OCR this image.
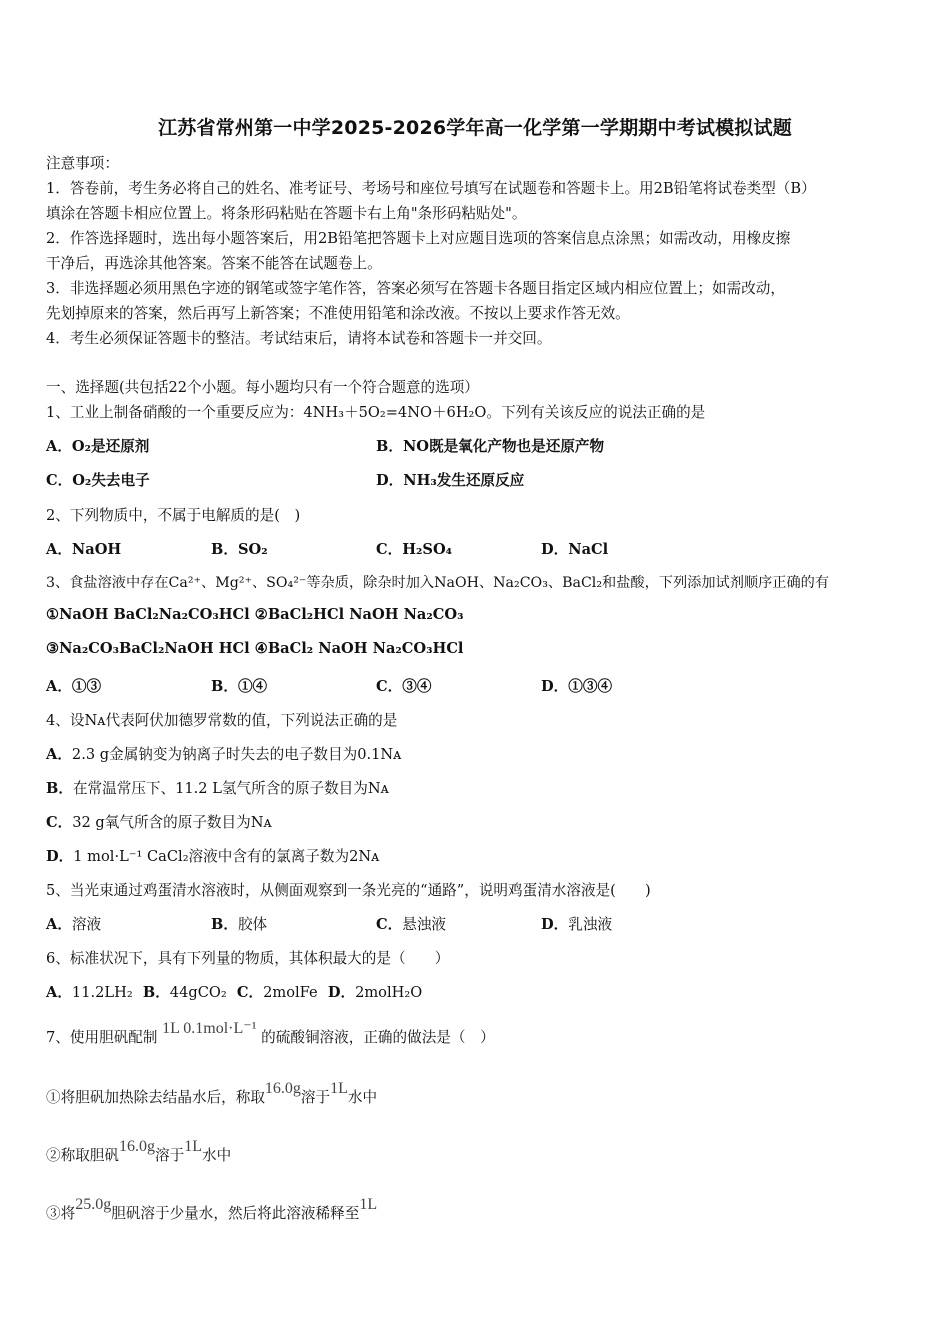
江苏省常州第一中学2025-2026学年高一化学第一学期期中考试模拟试题
注意事项：
1．答卷前，考生务必将自己的姓名、准考证号、考场号和座位号填写在试题卷和答题卡上。用2B铅笔将试卷类型（B）
填涂在答题卡相应位置上。将条形码粘贴在答题卡右上角"条形码粘贴处"。
2．作答选择题时，选出每小题答案后，用2B铅笔把答题卡上对应题目选项的答案信息点涂黑；如需改动，用橡皮擦
干净后，再选涂其他答案。答案不能答在试题卷上。
3．非选择题必须用黑色字迹的钢笔或签字笔作答，答案必须写在答题卡各题目指定区域内相应位置上；如需改动，
先划掉原来的答案，然后再写上新答案；不准使用铅笔和涂改液。不按以上要求作答无效。
4．考生必须保证答题卡的整洁。考试结束后，请将本试卷和答题卡一并交回。
一、选择题(共包括22个小题。每小题均只有一个符合题意的选项）
1、工业上制备硝酸的一个重要反应为：4NH₃＋5O₂=4NO＋6H₂O。下列有关该反应的说法正确的是
A．O₂是还原剂	B．NO既是氧化产物也是还原产物
C．O₂失去电子	D．NH₃发生还原反应
2、下列物质中，不属于电解质的是(　)
A．NaOH	B．SO₂	C．H₂SO₄	D．NaCl
3、食盐溶液中存在Ca²⁺、Mg²⁺、SO₄²⁻等杂质，除杂时加入NaOH、Na₂CO₃、BaCl₂和盐酸，下列添加试剂顺序正确的有
①NaOH BaCl₂Na₂CO₃HCl ②BaCl₂HCl NaOH Na₂CO₃
③Na₂CO₃BaCl₂NaOH HCl ④BaCl₂ NaOH Na₂CO₃HCl
A．①③	B．①④	C．③④	D．①③④
4、设Nᴀ代表阿伏加德罗常数的值，下列说法正确的是
A．2.3 g金属钠变为钠离子时失去的电子数目为0.1Nᴀ
B．在常温常压下、11.2 L氢气所含的原子数目为Nᴀ
C．32 g氧气所含的原子数目为Nᴀ
D．1 mol·L⁻¹ CaCl₂溶液中含有的氯离子数为2Nᴀ
5、当光束通过鸡蛋清水溶液时，从侧面观察到一条光亮的“通路”，说明鸡蛋清水溶液是(　　)
A．溶液	B．胶体	C．悬浊液	D．乳浊液
6、标准状况下，具有下列量的物质，其体积最大的是（　　）
A．11.2LH₂ B．44gCO₂ C．2molFe D．2molH₂O
7、使用胆矾配制 1L 0.1mol·L⁻¹ 的硫酸铜溶液，正确的做法是（　）
①将胆矾加热除去结晶水后，称取16.0g溶于1L水中
②称取胆矾16.0g溶于1L水中
③将25.0g胆矾溶于少量水，然后将此溶液稀释至1L
